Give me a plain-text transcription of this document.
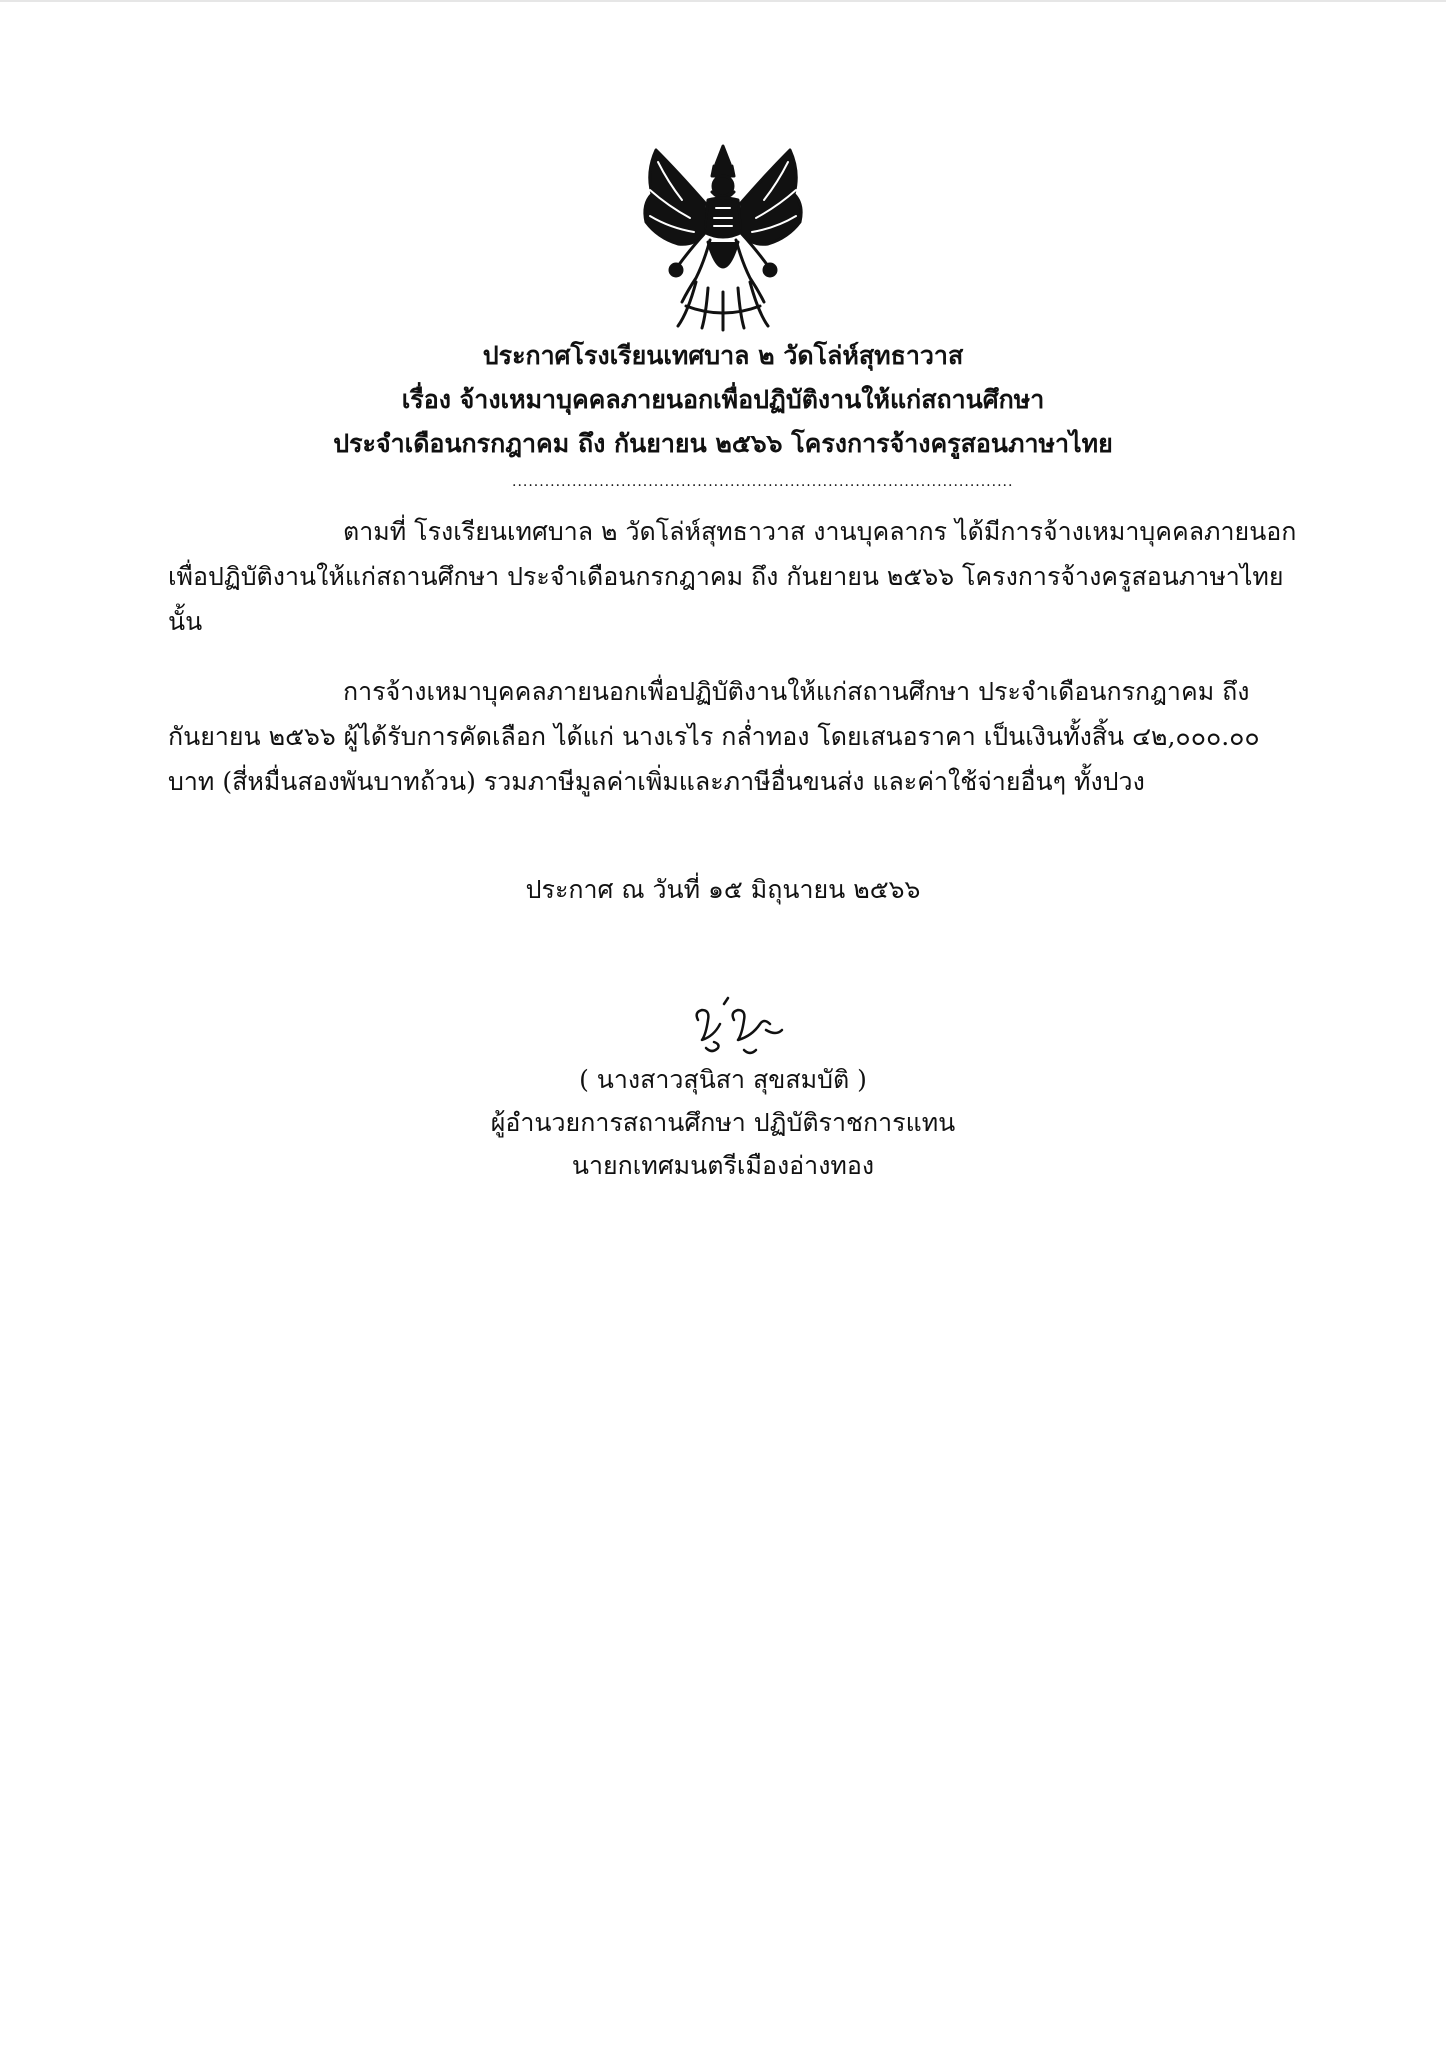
ประกาศโรงเรียนเทศบาล ๒ วัดโล่ห์สุทธาวาส
เรื่อง จ้างเหมาบุคคลภายนอกเพื่อปฏิบัติงานให้แก่สถานศึกษา
ประจำเดือนกรกฎาคม ถึง กันยายน ๒๕๖๖ โครงการจ้างครูสอนภาษาไทย
............................................................................................
ตามที่ โรงเรียนเทศบาล ๒ วัดโล่ห์สุทธาวาส งานบุคลากร ได้มีการจ้างเหมาบุคคลภายนอก
เพื่อปฏิบัติงานให้แก่สถานศึกษา ประจำเดือนกรกฎาคม ถึง กันยายน ๒๕๖๖ โครงการจ้างครูสอนภาษาไทย
นั้น
การจ้างเหมาบุคคลภายนอกเพื่อปฏิบัติงานให้แก่สถานศึกษา ประจำเดือนกรกฎาคม ถึง
กันยายน ๒๕๖๖ ผู้ได้รับการคัดเลือก ได้แก่ นางเรไร กล่ำทอง โดยเสนอราคา เป็นเงินทั้งสิ้น ๔๒,๐๐๐.๐๐
บาท (สี่หมื่นสองพันบาทถ้วน) รวมภาษีมูลค่าเพิ่มและภาษีอื่นขนส่ง และค่าใช้จ่ายอื่นๆ ทั้งปวง
ประกาศ ณ วันที่ ๑๕ มิถุนายน ๒๕๖๖
( นางสาวสุนิสา สุขสมบัติ )
ผู้อำนวยการสถานศึกษา ปฏิบัติราชการแทน
นายกเทศมนตรีเมืองอ่างทอง
